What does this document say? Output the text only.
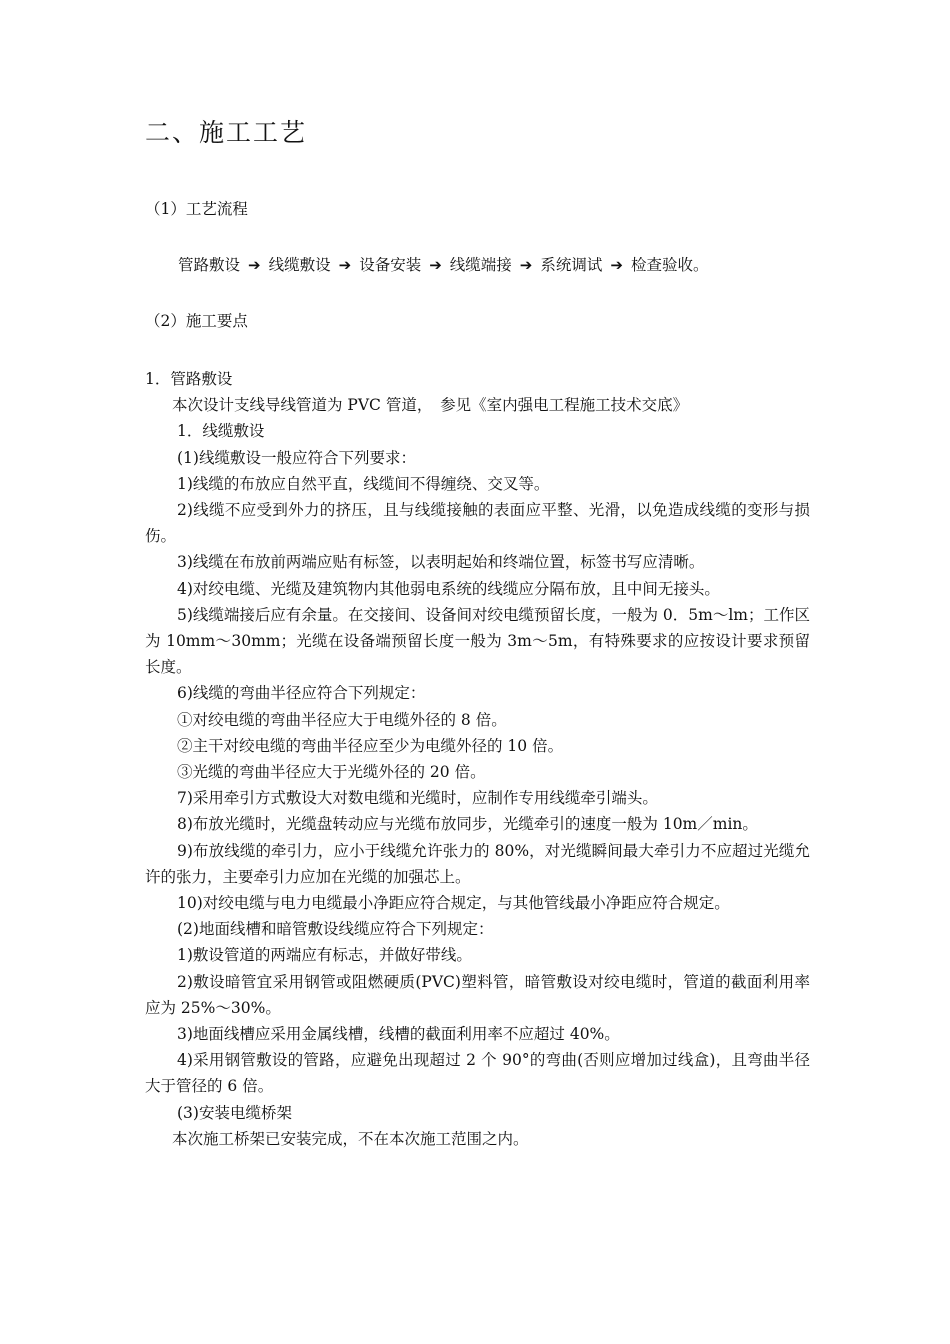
二、施工工艺
（1）工艺流程
管路敷设 ➔ 线缆敷设 ➔ 设备安装 ➔ 线缆端接 ➔ 系统调试 ➔ 检查验收。
（2）施工要点

1．管路敷设

本次设计支线导线管道为 PVC 管道，　参见《室内强电工程施工技术交底》

1．线缆敷设

(1)线缆敷设一般应符合下列要求：

1)线缆的布放应自然平直，线缆间不得缠绕、交叉等。

2)线缆不应受到外力的挤压，且与线缆接触的表面应平整、光滑，以免造成线缆的变形与损伤。

3)线缆在布放前两端应贴有标签，以表明起始和终端位置，标签书写应清晰。

4)对绞电缆、光缆及建筑物内其他弱电系统的线缆应分隔布放，且中间无接头。

5)线缆端接后应有余量。在交接间、设备间对绞电缆预留长度，一般为 0．5m～lm；工作区为 10mm～30mm；光缆在设备端预留长度一般为 3m～5m，有特殊要求的应按设计要求预留长度。

6)线缆的弯曲半径应符合下列规定：

①对绞电缆的弯曲半径应大于电缆外径的 8 倍。

②主干对绞电缆的弯曲半径应至少为电缆外径的 10 倍。

③光缆的弯曲半径应大于光缆外径的 20 倍。

7)采用牵引方式敷设大对数电缆和光缆时，应制作专用线缆牵引端头。

8)布放光缆时，光缆盘转动应与光缆布放同步，光缆牵引的速度一般为 10m／min。

9)布放线缆的牵引力，应小于线缆允许张力的 80%，对光缆瞬间最大牵引力不应超过光缆允许的张力，主要牵引力应加在光缆的加强芯上。

10)对绞电缆与电力电缆最小净距应符合规定，与其他管线最小净距应符合规定。

(2)地面线槽和暗管敷设线缆应符合下列规定：

1)敷设管道的两端应有标志，并做好带线。

2)敷设暗管宜采用钢管或阻燃硬质(PVC)塑料管，暗管敷设对绞电缆时，管道的截面利用率应为 25%～30%。

3)地面线槽应采用金属线槽，线槽的截面利用率不应超过 40%。

4)采用钢管敷设的管路，应避免出现超过 2 个 90°的弯曲(否则应增加过线盒)，且弯曲半径大于管径的 6 倍。

(3)安装电缆桥架

本次施工桥架已安装完成，不在本次施工范围之内。
